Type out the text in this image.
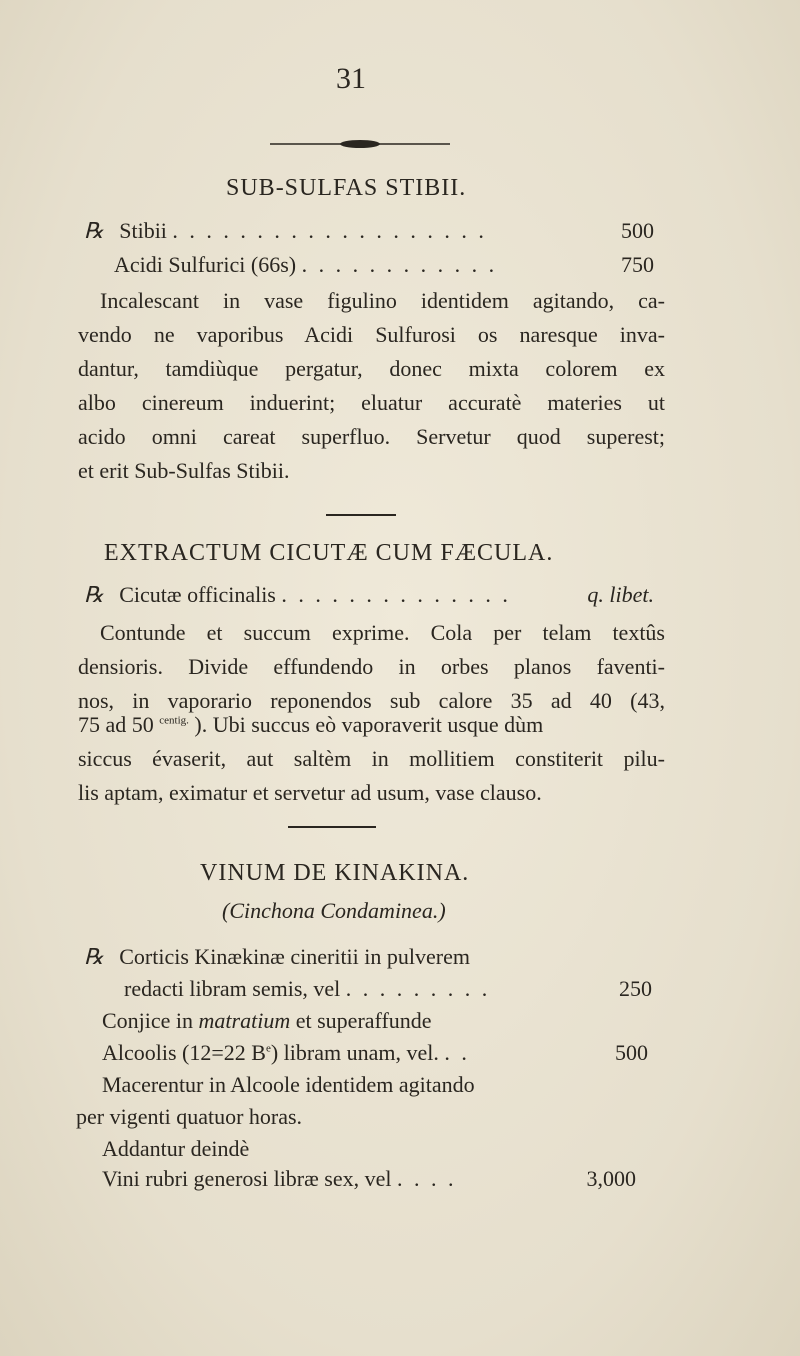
31
SUB-SULFAS STIBII.
℞ Stibii . . . . . . . . . . . . . . . . . . .	500
Acidi Sulfurici (66s) . . . . . . . . . . . .	750
Incalescant in vase figulino identidem agitando, ca-
vendo ne vaporibus Acidi Sulfurosi os naresque inva-
dantur, tamdiùque pergatur, donec mixta colorem ex
albo cinereum induerint; eluatur accuratè materies ut
acido omni careat superfluo. Servetur quod superest;
et erit Sub-Sulfas Stibii.
EXTRACTUM CICUTÆ CUM FÆCULA.
℞ Cicutæ officinalis . . . . . . . . . . . . . .	q. libet.
Contunde et succum exprime. Cola per telam textûs
densioris. Divide effundendo in orbes planos faventi-
nos, in vaporario reponendos sub calore 35 ad 40 (43,
75 ad 50 $^{centig.}$ ). Ubi succus eò vaporaverit usque dùm
siccus évaserit, aut saltèm in mollitiem constiterit pilu-
lis aptam, eximatur et servetur ad usum, vase clauso.
VINUM DE KINAKINA.
(Cinchona Condaminea.)
℞ Corticis Kinækinæ cineritii in pulverem
redacti libram semis, vel . . . . . . . . .	250
Conjice in matratium et superaffunde
Alcoolis (12=22 $B^e$) libram unam, vel. . .	500
Macerentur in Alcoole identidem agitando
per vigenti quatuor horas.
Addantur deindè
Vini rubri generosi libræ sex, vel . . . .	3,000
